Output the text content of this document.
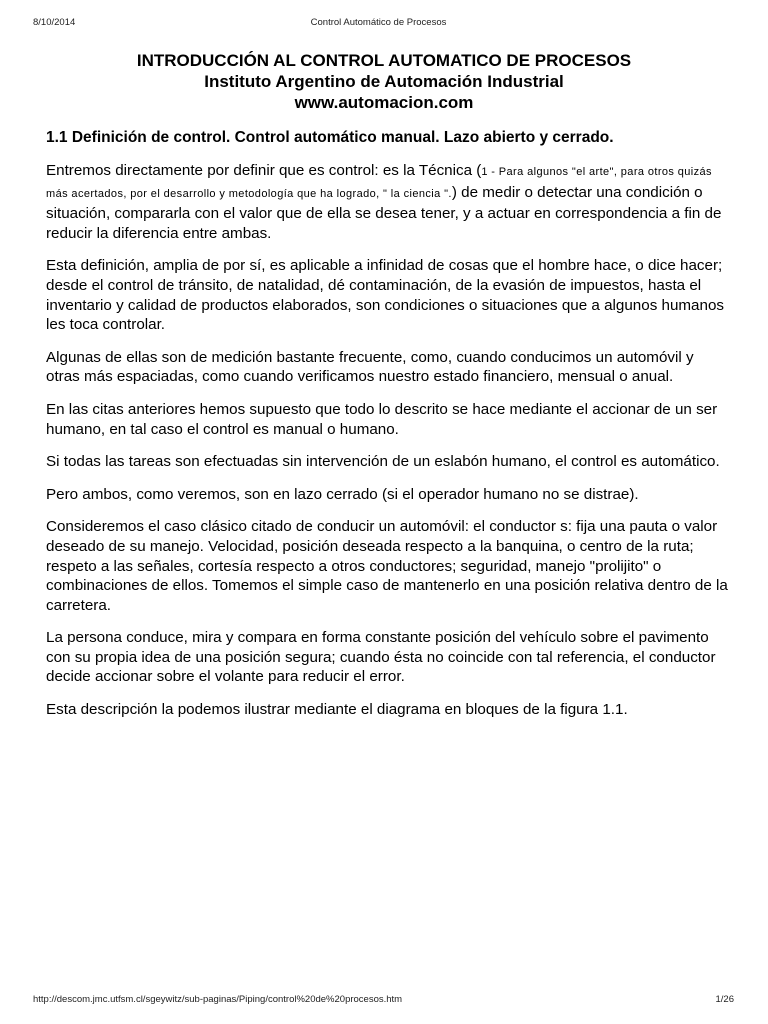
8/10/2014	Control Automático de Procesos
INTRODUCCIÓN AL CONTROL AUTOMATICO DE PROCESOS
Instituto Argentino de Automación Industrial
www.automacion.com
1.1 Definición de control. Control automático manual. Lazo abierto y cerrado.

Entremos directamente por definir que es control: es la Técnica (1 - Para algunos "el arte", para otros quizás más acertados, por el desarrollo y metodología que ha logrado, " la ciencia ".) de medir o detectar una condición o situación, compararla con el valor que de ella se desea tener, y a actuar en correspondencia a fin de reducir la diferencia entre ambas.

Esta definición, amplia de por sí, es aplicable a infinidad de cosas que el hombre hace, o dice hacer; desde el control de tránsito, de natalidad, dé contaminación, de la evasión de impuestos, hasta el inventario y calidad de productos elaborados, son condiciones o situaciones que a algunos humanos les toca controlar.

Algunas de ellas son de medición bastante frecuente, como, cuando conducimos un automóvil y otras más espaciadas, como cuando verificamos nuestro estado financiero, mensual o anual.

En las citas anteriores hemos supuesto que todo lo descrito se hace mediante el accionar de un ser humano, en tal caso el control es manual o humano.

Si todas las tareas son efectuadas sin intervención de un eslabón humano, el control es automático.

Pero ambos, como veremos, son en lazo cerrado (si el operador humano no se distrae).

Consideremos el caso clásico citado de conducir un automóvil: el conductor s: fija una pauta o valor deseado de su manejo. Velocidad, posición deseada respecto a la banquina, o centro de la ruta; respeto a las señales, cortesía respecto a otros conductores; seguridad, manejo "prolijito" o combinaciones de ellos. Tomemos el simple caso de mantenerlo en una posición relativa dentro de la carretera.

La persona conduce, mira y compara en forma constante posición del vehículo sobre el pavimento con su propia idea de una posición segura; cuando ésta no coincide con tal referencia, el conductor decide accionar sobre el volante para reducir el error.

Esta descripción la podemos ilustrar mediante el diagrama en bloques de la figura 1.1.

http://descom.jmc.utfsm.cl/sgeywitz/sub-paginas/Piping/control%20de%20procesos.htm	1/26
